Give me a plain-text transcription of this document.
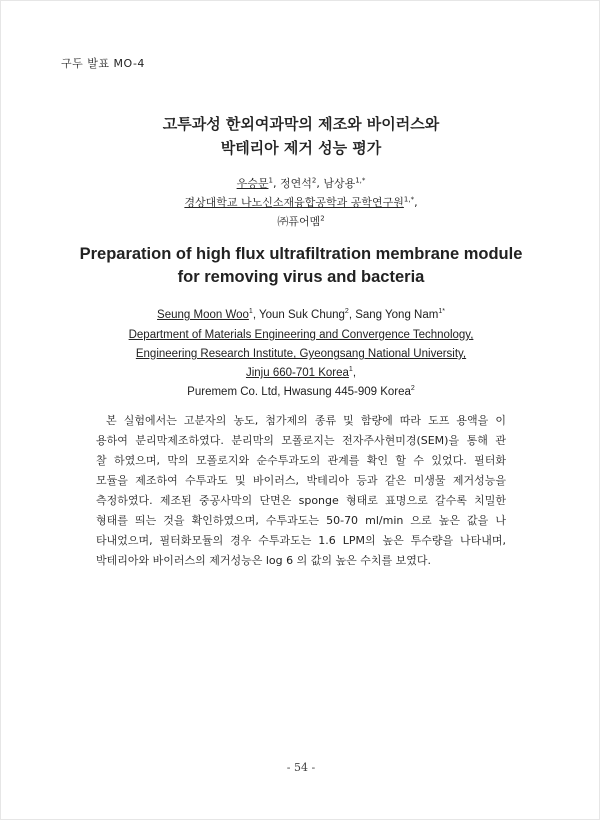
구두 발표 MO-4
고투과성 한외여과막의 제조와 바이러스와
박테리아 제거 성능 평가
우승문$^1$, 정연석$^2$, 남상용$^{1,*}$
경상대학교 나노신소재융합공학과 공학연구원$^{1,*}$,
㈜퓨어멤$^2$
Preparation of high flux ultrafiltration membrane module
for removing virus and bacteria
Seung Moon Woo$^1$, Youn Suk Chung$^2$, Sang Yong Nam$^{1*}$
Department of Materials Engineering and Convergence Technology,
Engineering Research Institute, Gyeongsang National University,
Jinju 660-701 Korea$^1$,
Puremem Co. Ltd, Hwasung 445-909 Korea$^2$
본 실험에서는 고분자의 농도, 첨가제의 종류 및 함량에 따라 도프 용액을 이
용하여 분리막제조하였다. 분리막의 모폴로지는 전자주사현미경(SEM)을 통해 관
찰 하였으며, 막의 모폴로지와 순수투과도의 관계를 확인 할 수 있었다. 필터화
모듈을 제조하여 수투과도 및 바이러스, 박테리아 등과 같은 미생물 제거성능을
측정하였다. 제조된 중공사막의 단면은 sponge 형태로 표명으로 갈수록 치밀한
형태를 띄는 것을 확인하였으며, 수투과도는 50-70 ml/min 으로 높은 값을 나
타내었으며, 필터화모듈의 경우 수투과도는 1.6 LPM의 높은 투수량을 나타내며,
박테리아와 바이러스의 제거성능은 log 6 의 값의 높은 수치를 보였다.
- 54 -
